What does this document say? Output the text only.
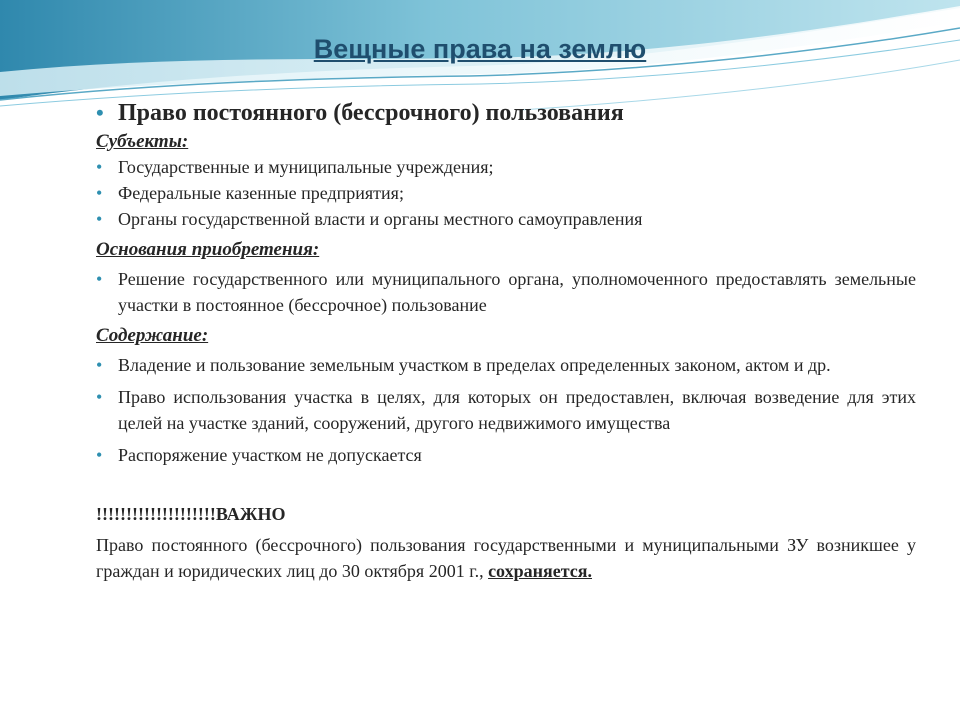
Вещные права на землю

• Право постоянного (бессрочного) пользования

Субъекты:

• Государственные и муниципальные учреждения;
• Федеральные казенные предприятия;
• Органы государственной власти и органы местного самоуправления

Основания приобретения:

• Решение государственного или муниципального органа, уполномоченного предоставлять земельные участки в постоянное (бессрочное) пользование

Содержание:

• Владение и пользование земельным участком в пределах определенных законом, актом и др.
• Право использования участка в целях, для которых он предоставлен, включая возведение для этих целей на участке зданий, сооружений, другого недвижимого имущества
• Распоряжение участком не допускается

!!!!!!!!!!!!!!!!!!!!ВАЖНО

Право постоянного (бессрочного) пользования государственными и муниципальными ЗУ возникшее у граждан и юридических лиц до 30 октября 2001 г., сохраняется.
